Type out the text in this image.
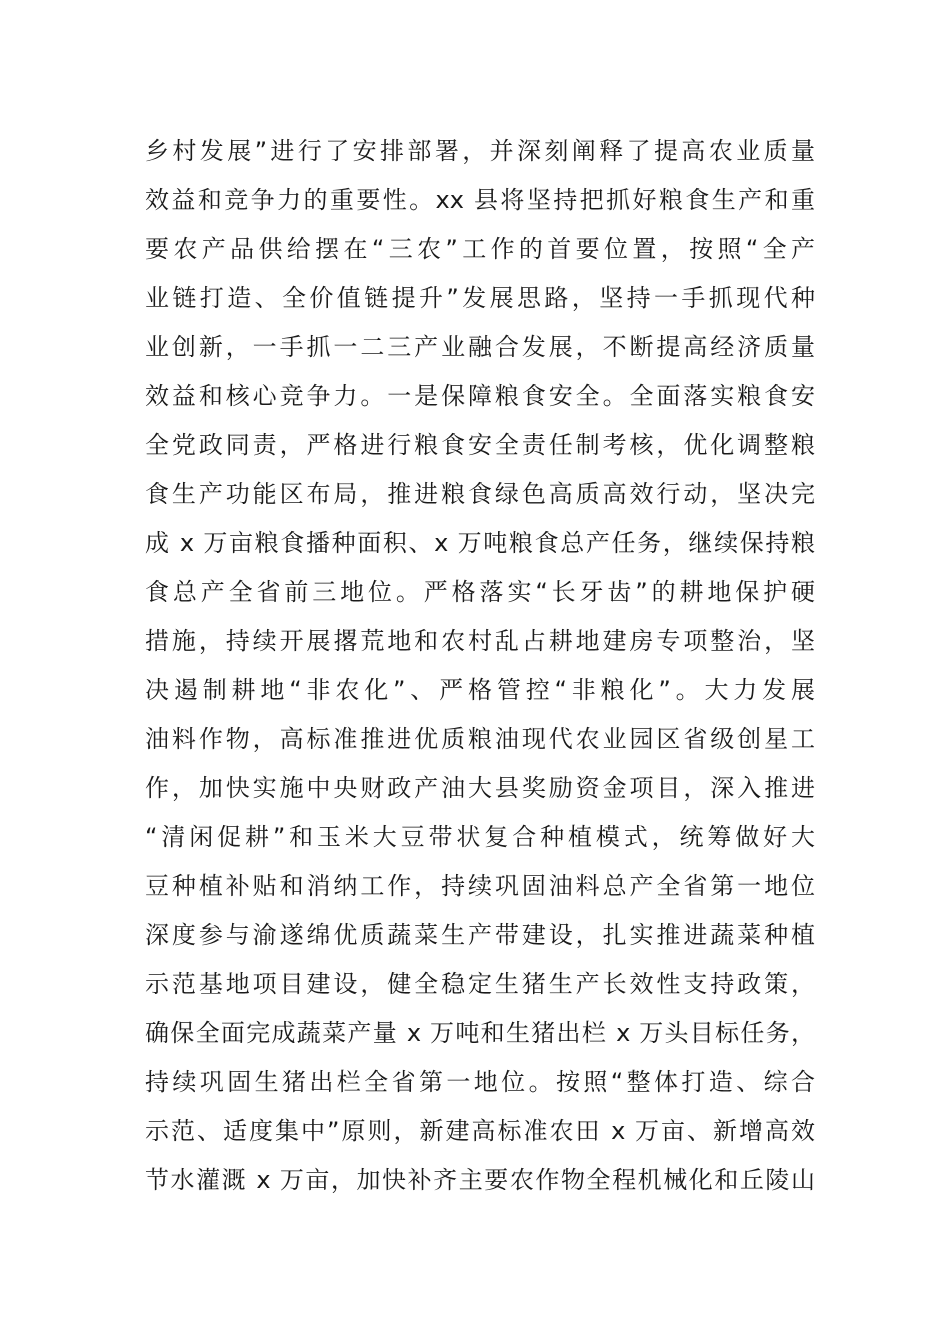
乡村发展”进行了安排部署，并深刻阐释了提高农业质量
效益和竞争力的重要性。xx 县将坚持把抓好粮食生产和重
要农产品供给摆在“三农”工作的首要位置，按照“全产
业链打造、全价值链提升”发展思路，坚持一手抓现代种
业创新，一手抓一二三产业融合发展，不断提高经济质量
效益和核心竞争力。一是保障粮食安全。全面落实粮食安
全党政同责，严格进行粮食安全责任制考核，优化调整粮
食生产功能区布局，推进粮食绿色高质高效行动，坚决完
成 x 万亩粮食播种面积、x 万吨粮食总产任务，继续保持粮
食总产全省前三地位。严格落实“长牙齿”的耕地保护硬
措施，持续开展撂荒地和农村乱占耕地建房专项整治，坚
决遏制耕地“非农化”、严格管控“非粮化”。大力发展
油料作物，高标准推进优质粮油现代农业园区省级创星工
作，加快实施中央财政产油大县奖励资金项目，深入推进
“清闲促耕”和玉米大豆带状复合种植模式，统筹做好大
豆种植补贴和消纳工作，持续巩固油料总产全省第一地位
深度参与渝遂绵优质蔬菜生产带建设，扎实推进蔬菜种植
示范基地项目建设，健全稳定生猪生产长效性支持政策，
确保全面完成蔬菜产量 x 万吨和生猪出栏 x 万头目标任务，
持续巩固生猪出栏全省第一地位。按照“整体打造、综合
示范、适度集中”原则，新建高标准农田 x 万亩、新增高效
节水灌溉 x 万亩，加快补齐主要农作物全程机械化和丘陵山
